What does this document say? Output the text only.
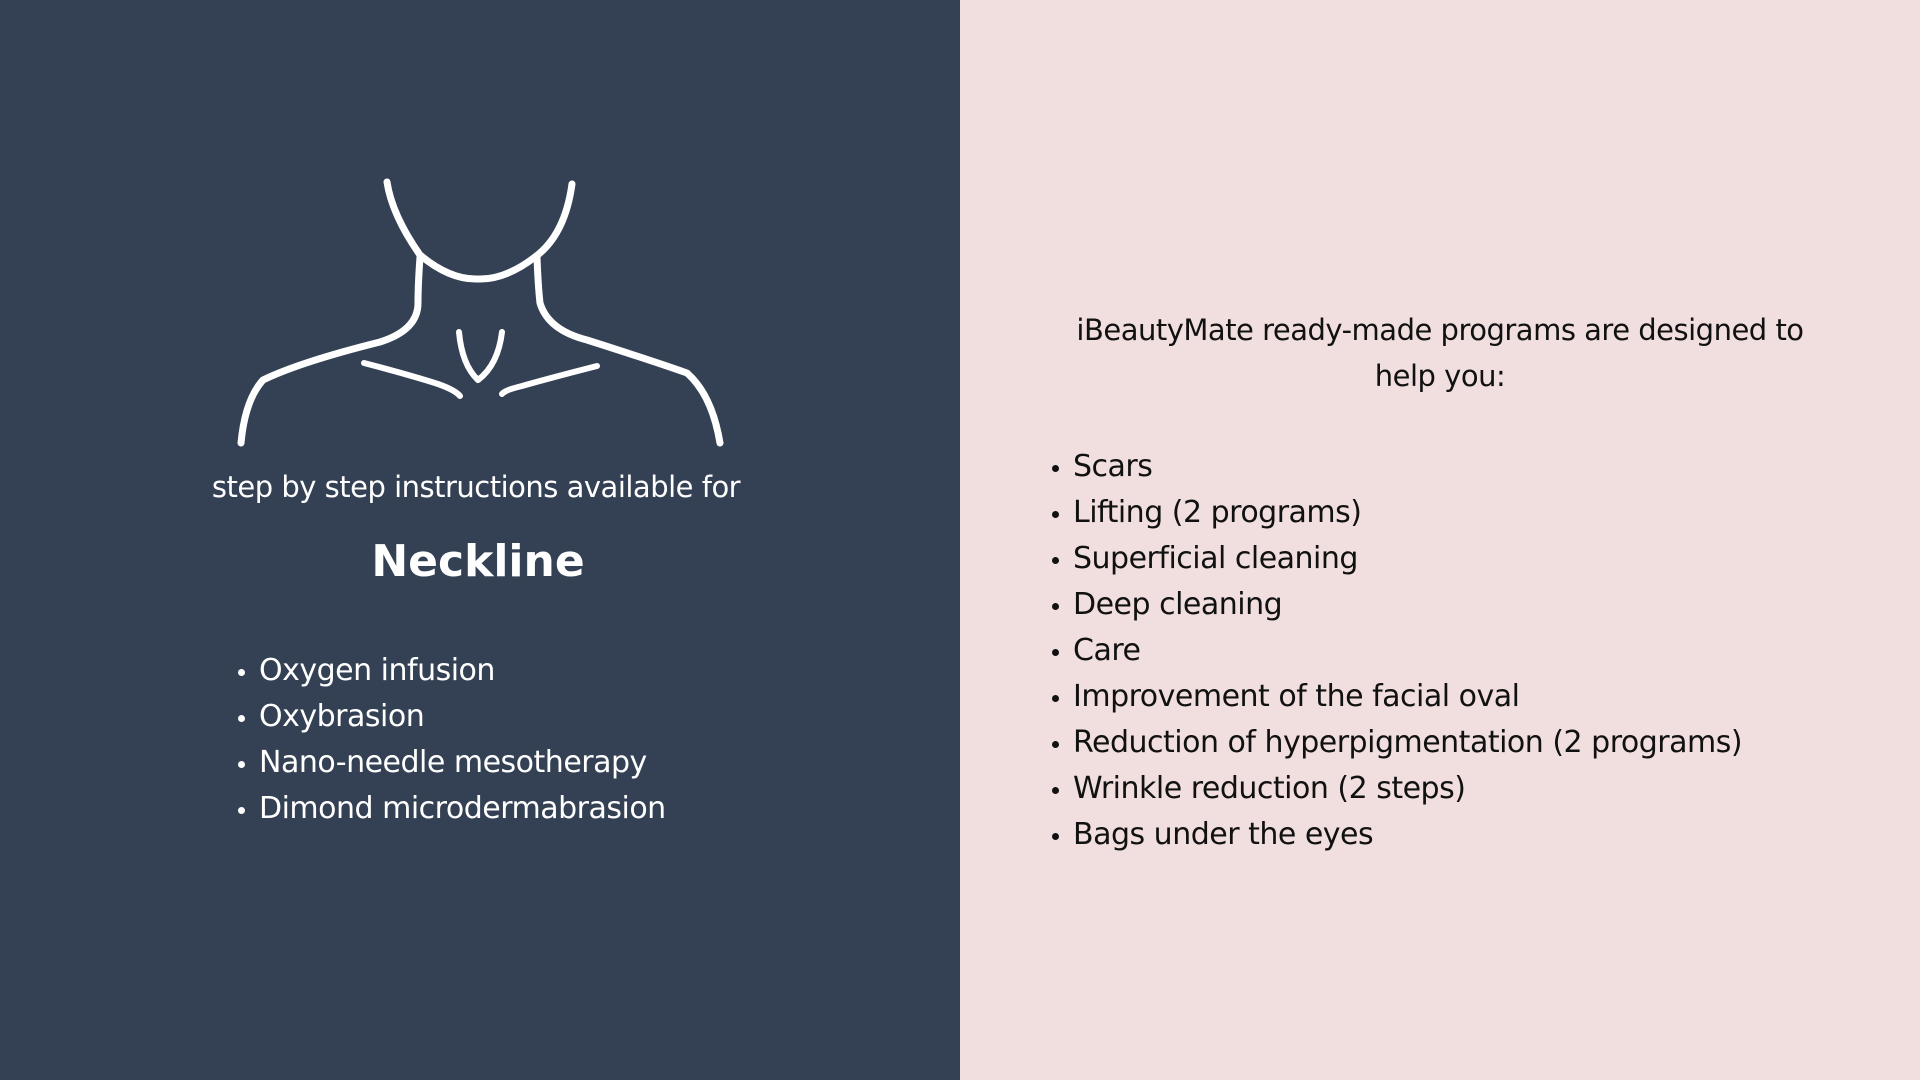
step by step instructions available for
Neckline
Oxygen infusion
Oxybrasion
Nano-needle mesotherapy
Dimond microdermabrasion
iBeautyMate ready-made programs are designed to
help you:
Scars
Lifting (2 programs)
Superficial cleaning
Deep cleaning
Care
Improvement of the facial oval
Reduction of hyperpigmentation (2 programs)
Wrinkle reduction (2 steps)
Bags under the eyes
